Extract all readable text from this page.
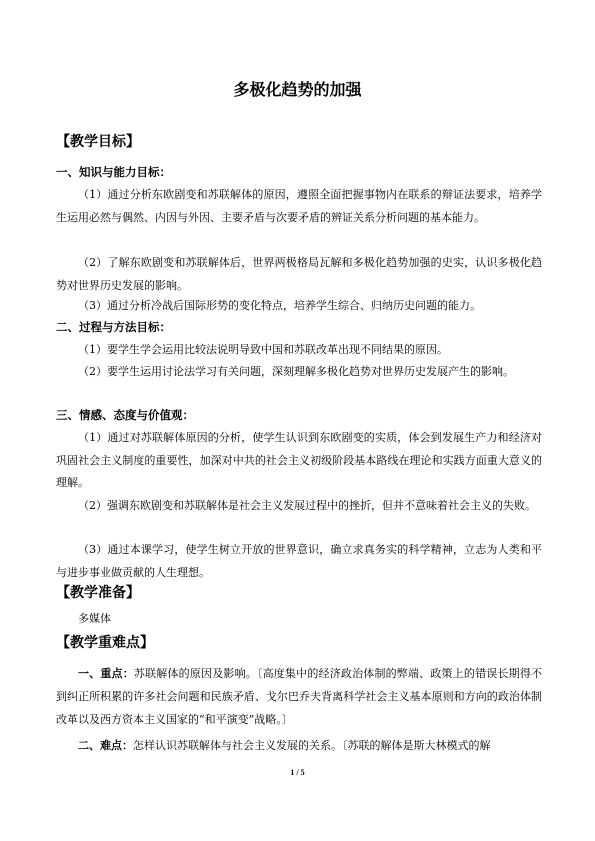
多极化趋势的加强

【教学目标】

一、知识与能力目标：

（1）通过分析东欧剧变和苏联解体的原因，遵照全面把握事物内在联系的辩证法要求，培养学生运用必然与偶然、内因与外因、主要矛盾与次要矛盾的辨证关系分析问题的基本能力。

（2）了解东欧剧变和苏联解体后，世界两极格局瓦解和多极化趋势加强的史实，认识多极化趋势对世界历史发展的影响。

（3）通过分析冷战后国际形势的变化特点，培养学生综合、归纳历史问题的能力。

二、过程与方法目标：

（1）要学生学会运用比较法说明导致中国和苏联改革出现不同结果的原因。

（2）要学生运用讨论法学习有关问题，深刻理解多极化趋势对世界历史发展产生的影响。

三、情感、态度与价值观：

（1）通过对苏联解体原因的分析，使学生认识到东欧剧变的实质，体会到发展生产力和经济对巩固社会主义制度的重要性，加深对中共的社会主义初级阶段基本路线在理论和实践方面重大意义的理解。

（2）强调东欧剧变和苏联解体是社会主义发展过程中的挫折，但并不意味着社会主义的失败。

（3）通过本课学习，使学生树立开放的世界意识，确立求真务实的科学精神，立志为人类和平与进步事业做贡献的人生理想。

【教学准备】

多媒体

【教学重难点】

一、重点：苏联解体的原因及影响。〔高度集中的经济政治体制的弊端、政策上的错误长期得不到纠正所积累的许多社会问题和民族矛盾、戈尔巴乔夫背离科学社会主义基本原则和方向的政治体制改革以及西方资本主义国家的“和平演变”战略。〕

二、难点：怎样认识苏联解体与社会主义发展的关系。〔苏联的解体是斯大林模式的解

1 / 5
